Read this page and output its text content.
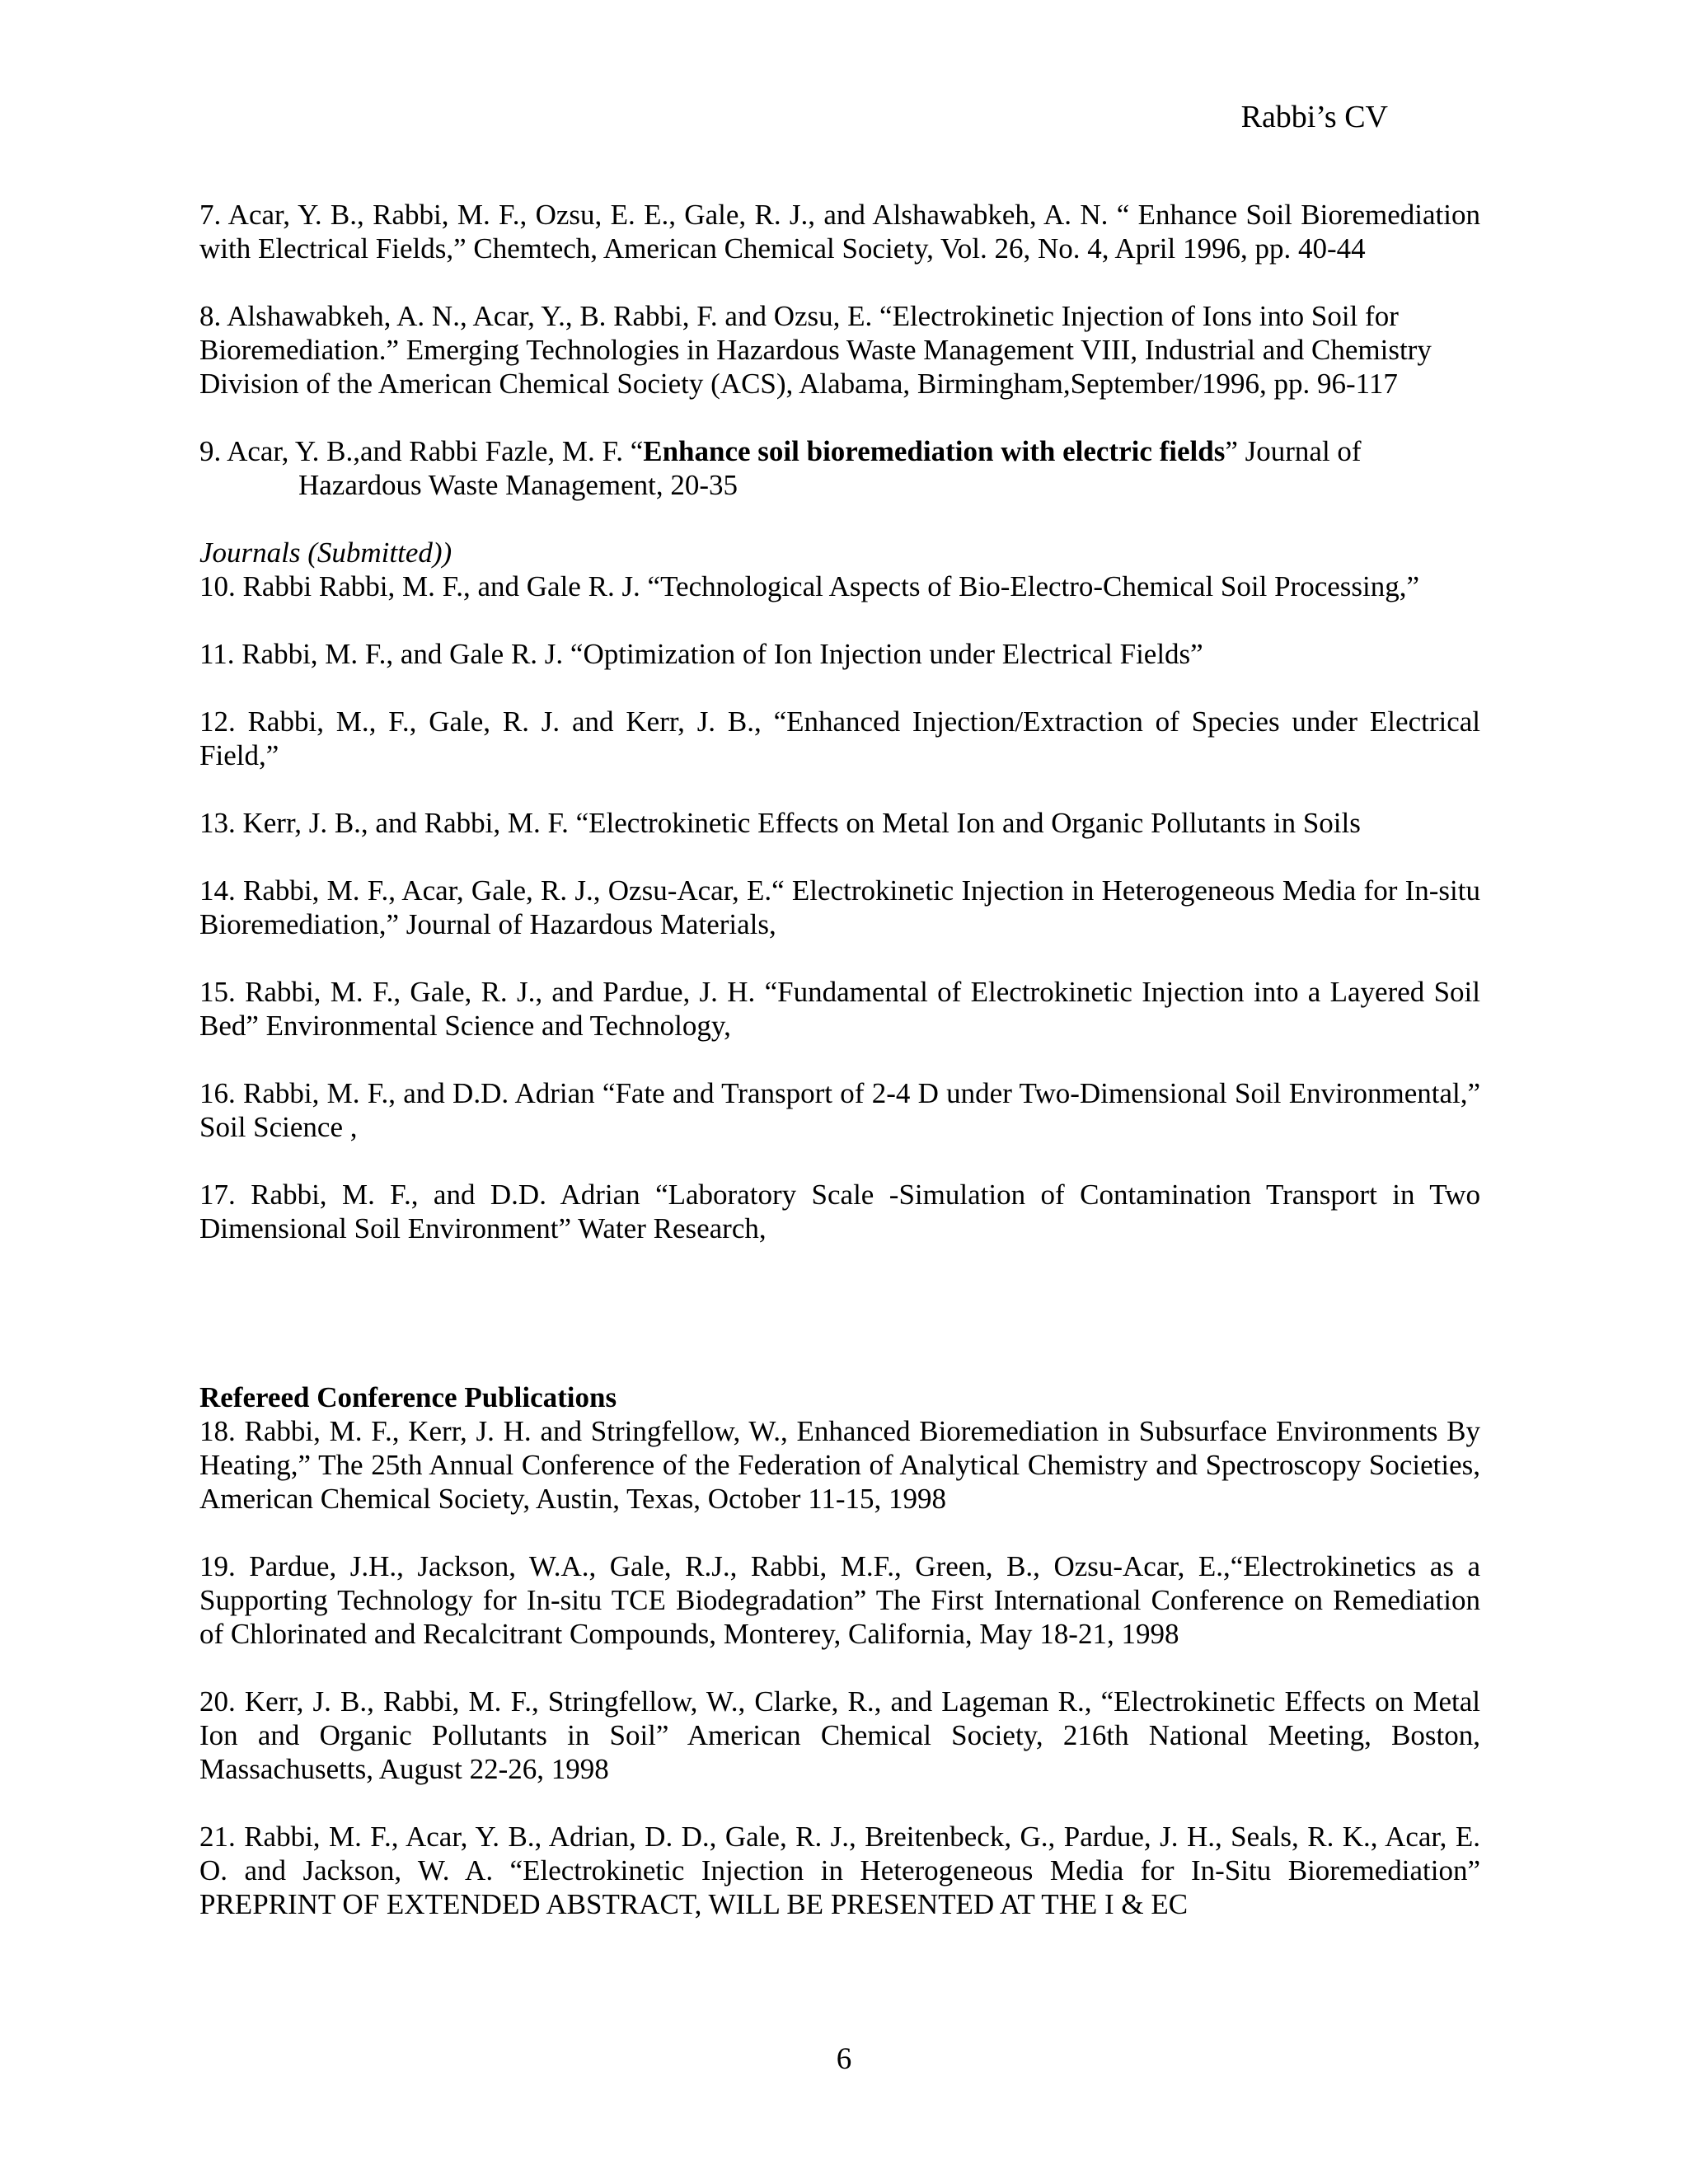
Rabbi’s CV

7. Acar, Y. B., Rabbi, M. F., Ozsu, E. E., Gale, R. J., and Alshawabkeh, A. N. “ Enhance Soil Bioremediation with Electrical Fields,” Chemtech, American Chemical Society, Vol. 26, No. 4, April 1996, pp. 40-44

8. Alshawabkeh, A. N., Acar, Y., B. Rabbi, F. and Ozsu, E. “Electrokinetic Injection of Ions into Soil for Bioremediation.” Emerging Technologies in Hazardous Waste Management VIII, Industrial and Chemistry Division of the American Chemical Society (ACS), Alabama, Birmingham,September/1996, pp. 96-117

9. Acar, Y. B.,and Rabbi Fazle, M. F. “Enhance soil bioremediation with electric fields” Journal of Hazardous Waste Management, 20-35

Journals (Submitted))

10. Rabbi Rabbi, M. F., and Gale R. J. “Technological Aspects of Bio-Electro-Chemical Soil Processing,”

11. Rabbi, M. F., and Gale R. J. “Optimization of Ion Injection under Electrical Fields”

12. Rabbi, M., F., Gale, R. J. and Kerr, J. B., “Enhanced Injection/Extraction of Species under Electrical Field,”

13. Kerr, J. B., and Rabbi, M. F. “Electrokinetic Effects on Metal Ion and Organic Pollutants in Soils

14. Rabbi, M. F., Acar, Gale, R. J., Ozsu-Acar, E.“ Electrokinetic Injection in Heterogeneous Media for In-situ Bioremediation,” Journal of Hazardous Materials,

15. Rabbi, M. F., Gale, R. J., and Pardue, J. H. “Fundamental of Electrokinetic Injection into a Layered Soil Bed” Environmental Science and Technology,

16. Rabbi, M. F., and D.D. Adrian “Fate and Transport of 2-4 D under Two-Dimensional Soil Environmental,” Soil Science ,

17. Rabbi, M. F., and D.D. Adrian “Laboratory Scale -Simulation of Contamination Transport in Two Dimensional Soil Environment” Water Research,

Refereed Conference Publications

18. Rabbi, M. F., Kerr, J. H. and Stringfellow, W., Enhanced Bioremediation in Subsurface Environments By Heating,” The 25th Annual Conference of the Federation of Analytical Chemistry and Spectroscopy Societies, American Chemical Society, Austin, Texas, October 11-15, 1998

19. Pardue, J.H., Jackson, W.A., Gale, R.J., Rabbi, M.F., Green, B., Ozsu-Acar, E.,“Electrokinetics as a Supporting Technology for In-situ TCE Biodegradation” The First International Conference on Remediation of Chlorinated and Recalcitrant Compounds, Monterey, California, May 18-21, 1998

20. Kerr, J. B., Rabbi, M. F., Stringfellow, W., Clarke, R., and Lageman R., “Electrokinetic Effects on Metal Ion and Organic Pollutants in Soil” American Chemical Society, 216th National Meeting, Boston, Massachusetts, August 22-26, 1998

21. Rabbi, M. F., Acar, Y. B., Adrian, D. D., Gale, R. J., Breitenbeck, G., Pardue, J. H., Seals, R. K., Acar, E. O. and Jackson, W. A. “Electrokinetic Injection in Heterogeneous Media for In-Situ Bioremediation” PREPRINT OF EXTENDED ABSTRACT, WILL BE PRESENTED AT THE I & EC

6
